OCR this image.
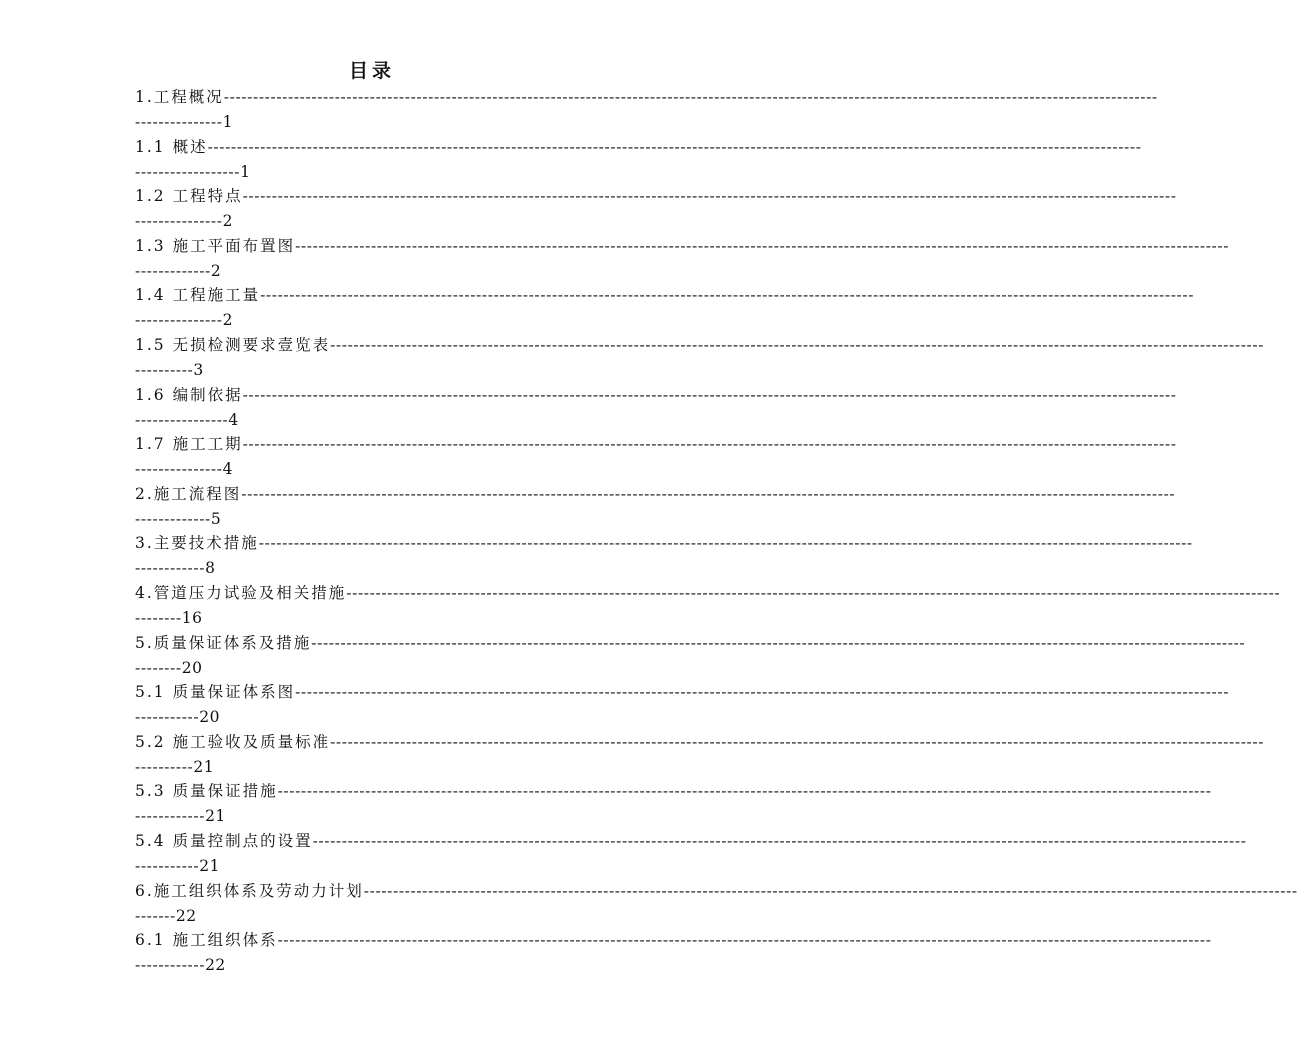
目录
1.工程概况----------------------------------------------------------------------------------------------------------------------------------------------------------------
--------------- 1
1.1 概述----------------------------------------------------------------------------------------------------------------------------------------------------------------
------------------ 1
1.2 工程特点----------------------------------------------------------------------------------------------------------------------------------------------------------------
--------------- 2
1.3 施工平面布置图----------------------------------------------------------------------------------------------------------------------------------------------------------------
------------- 2
1.4 工程施工量----------------------------------------------------------------------------------------------------------------------------------------------------------------
--------------- 2
1.5 无损检测要求壹览表----------------------------------------------------------------------------------------------------------------------------------------------------------------
---------- 3
1.6 编制依据----------------------------------------------------------------------------------------------------------------------------------------------------------------
---------------- 4
1.7 施工工期----------------------------------------------------------------------------------------------------------------------------------------------------------------
--------------- 4
2.施工流程图----------------------------------------------------------------------------------------------------------------------------------------------------------------
------------- 5
3.主要技术措施----------------------------------------------------------------------------------------------------------------------------------------------------------------
------------ 8
4.管道压力试验及相关措施----------------------------------------------------------------------------------------------------------------------------------------------------------------
-------- 16
5.质量保证体系及措施----------------------------------------------------------------------------------------------------------------------------------------------------------------
-------- 20
5.1 质量保证体系图----------------------------------------------------------------------------------------------------------------------------------------------------------------
----------- 20
5.2 施工验收及质量标准----------------------------------------------------------------------------------------------------------------------------------------------------------------
---------- 21
5.3 质量保证措施----------------------------------------------------------------------------------------------------------------------------------------------------------------
------------ 21
5.4 质量控制点的设置----------------------------------------------------------------------------------------------------------------------------------------------------------------
----------- 21
6.施工组织体系及劳动力计划----------------------------------------------------------------------------------------------------------------------------------------------------------------
------- 22
6.1 施工组织体系----------------------------------------------------------------------------------------------------------------------------------------------------------------
------------ 22
